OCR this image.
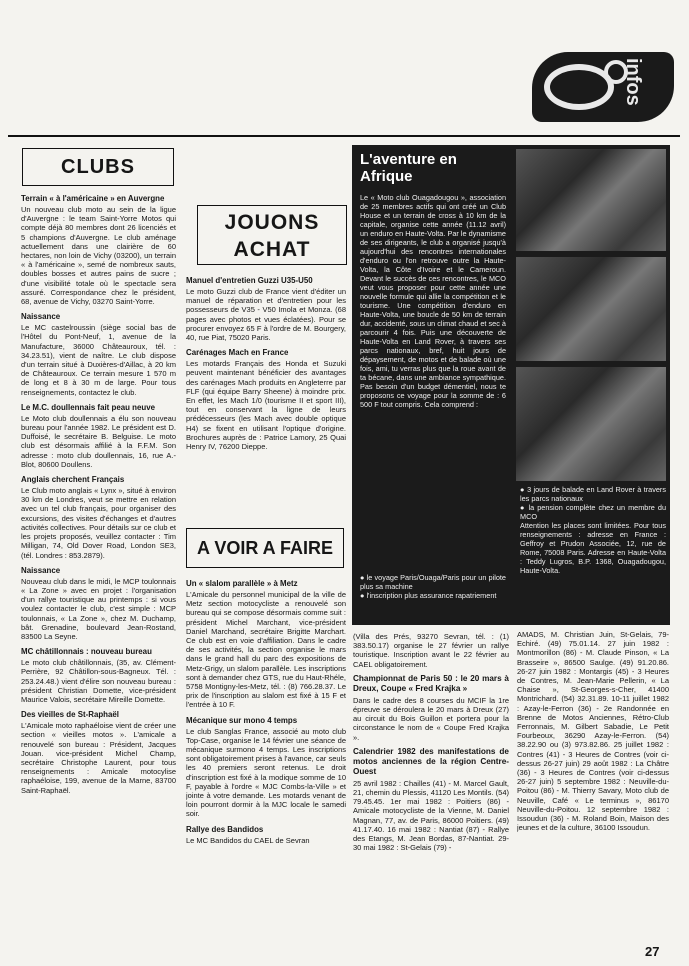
infos
CLUBS
Terrain « à l'américaine » en Auvergne

Un nouveau club moto au sein de la ligue d'Auvergne : le team Saint-Yorre Motos qui compte déjà 80 membres dont 26 licenciés et 5 champions d'Auvergne. Le club aménage actuellement dans une clairière de 60 hectares, non loin de Vichy (03200), un terrain « à l'américaine », semé de nombreux sauts, doubles bosses et autres pains de sucre ; d'une visibilité totale où le spectacle sera assuré. Correspondance chez le président, 68, avenue de Vichy, 03270 Saint-Yorre.

Naissance

Le MC castelroussin (siège social bas de l'Hôtel du Pont-Neuf, 1, avenue de la Manufacture, 36000 Châteauroux, tél. : 34.23.51), vient de naître. Le club dispose d'un terrain situé à Duxières-d'Aillac, à 20 km de Châteauroux. Ce terrain mesure 1 570 m de long et 8 à 30 m de large. Pour tous renseignements, contactez le club.

Le M.C. doullennais fait peau neuve

Le Moto club doullennais a élu son nouveau bureau pour l'année 1982. Le président est D. Duffoisé, le secrétaire B. Belguise. Le moto club est désormais affilié à la F.F.M. Son adresse : moto club doullennais, 16, rue A.-Blot, 80600 Doullens.

Anglais cherchent Français

Le Club moto anglais « Lynx », situé à environ 30 km de Londres, veut se mettre en relation avec un tel club français, pour organiser des excursions, des visites d'échanges et d'autres activités collectives. Pour détails sur ce club et les projets proposés, veuillez contacter : Tim Milligan, 74, Old Dover Road, London SE3, (tél. Londres : 853.2879).

Naissance

Nouveau club dans le midi, le MCP toulonnais « La Zone » avec en projet : l'organisation d'un rallye touristique au printemps : si vous voulez contacter le club, c'est simple : MCP toulonnais, « La Zone », chez M. Duchamp, bât. Grenadine, boulevard Jean-Rostand, 83500 La Seyne.

MC châtillonnais : nouveau bureau

Le moto club châtillonnais, (35, av. Clément-Perrière, 92 Châtillon-sous-Bagneux. Tél. : 253.24.48.) vient d'élire son nouveau bureau : président Christian Domette, vice-président Maurice Valois, secrétaire Mireille Domette.

Des vieilles de St-Raphaël

L'Amicale moto raphaéloise vient de créer une section « vieilles motos ». L'amicale a renouvelé son bureau : Président, Jacques Jouan. vice-président Michel Champ, secrétaire Christophe Laurent, pour tous renseignements : Amicale motocylise raphaéloise, 199, avenue de la Marne, 83700 Saint-Raphaël.

JOUONS
ACHAT
Manuel d'entretien Guzzi U35-U50

Le moto Guzzi club de France vient d'éditer un manuel de réparation et d'entretien pour les possesseurs de V35 - V50 Imola et Monza. (68 pages avec photos et vues éclatées). Pour se procurer envoyez 65 F à l'ordre de M. Bourgery, 40, rue Piat, 75020 Paris.

Carénages Mach en France

Les motards Français des Honda et Suzuki peuvent maintenant bénéficier des avantages des carénages Mach produits en Angleterre par FLF (qui équipe Barry Sheene) à moindre prix. En effet, les Mach 1/0 (tourisme II et sport III), tout en conservant la ligne de leurs prédécesseurs (les Mach avec double optique H4) se fixent en utilisant l'optique d'origine. Brochures auprès de : Patrice Lamory, 25 Quai Henry IV, 76200 Dieppe.

A VOIR A FAIRE
Un « slalom parallèle » à Metz

L'Amicale du personnel municipal de la ville de Metz section motocycliste a renouvelé son bureau qui se compose désormais comme suit : président Michel Marchant, vice-président Daniel Marchand, secrétaire Brigitte Marchart. Ce club est en voie d'affiliation. Dans le cadre de ses activités, la section organise le mars dans le grand hall du parc des expositions de Metz-Grigy, un slalom parallèle. Les inscriptions sont à demander chez GTS, rue du Haut-Rhéle, 5758 Montigny-les-Metz, tél. : (8) 766.28.37. Le prix de l'inscription au slalom est fixé à 15 F et l'entrée à 10 F.

Mécanique sur mono 4 temps

Le club Sanglas France, associé au moto club Top-Case, organise le 14 février une séance de mécanique surmono 4 temps. Les inscriptions sont obligatoirement prises à l'avance, car seuls les 40 premiers seront retenus. Le droit d'inscription est fixé à la modique somme de 10 F, payable à l'ordre « MJC Combs-la-Ville » et jointe à votre demande. Les motards venant de loin pourront dormir à la MJC locale le samedi soir.

Rallye des Bandidos

Le MC Bandidos du CAEL de Sevran

L'aventure en
Afrique
Le « Moto club Ouagadougou », association de 25 membres actifs qui ont créé un Club House et un terrain de cross à 10 km de la capitale, organise cette année (11.12 avril) un enduro en Haute-Volta. Par le dynamisme de ses dirigeants, le club a organisé jusqu'à aujourd'hui des rencontres internationales d'enduro ou l'on retrouve outre la Haute-Volta, la Côte d'Ivoire et le Cameroun. Devant le succès de ces rencontres, le MCO veut vous proposer pour cette année une nouvelle formule qui allie la compétition et le tourisme. Une compétition d'enduro en Haute-Volta, une boucle de 50 km de terrain dur, accidenté, sous un climat chaud et sec à parcourir 4 fois. Puis une découverte de Haute-Volta en Land Rover, à travers ses parcs nationaux, bref, huit jours de dépaysement, de motos et de balade où une fois, ami, tu verras plus que la roue avant de ta bécane, dans une ambiance sympathique. Pas besoin d'un budget démentiel, nous te proposons ce voyage pour la somme de : 6 500 F tout compris. Cela comprend :
● le voyage Paris/Ouaga/Paris pour un pilote plus sa machine
● l'inscription plus assurance rapatriement
● 3 jours de balade en Land Rover à travers les parcs nationaux
● la pension complète chez un membre du MCO
Attention les places sont limitées. Pour tous renseignements : adresse en France : Geffroy et Prudon Associée, 12, rue de Rome, 75008 Paris. Adresse en Haute-Volta : Teddy Lugros, B.P. 1368, Ouagadougou, Haute-Volta.

(Villa des Prés, 93270 Sevran, tél. : (1) 383.50.17) organise le 27 février un rallye touristique. Inscription avant le 22 février au CAEL obligatoirement.

Championnat de Paris 50 : le 20 mars à Dreux, Coupe « Fred Krajka »

Dans le cadre des 8 courses du MCIF la 1re épreuve se déroulera le 20 mars à Dreux (27) au circuit du Bois Guillon et portera pour la circonstance le nom de « Coupe Fred Krajka ».

Calendrier 1982 des manifestations de motos anciennes de la région Centre-Ouest

25 avril 1982 : Chailles (41) - M. Marcel Gault, 21, chemin du Plessis, 41120 Les Montils. (54) 79.45.45. 1er mai 1982 : Poitiers (86) - Amicale motocycliste de la Vienne, M. Daniel Magnan, 77, av. de Paris, 86000 Poitiers. (49) 41.17.40. 16 mai 1982 : Nantiat (87) - Rallye des Etangs, M. Jean Bordas, 87-Nantiat. 29-30 mai 1982 : St-Gelais (79) -

AMADS, M. Christian Juin, St-Gelais, 79-Echiré. (49) 75.01.14. 27 juin 1982 : Montmorillon (86) - M. Claude Pinson, « La Brasseire », 86500 Saulge. (49) 91.20.86. 26-27 juin 1982 : Montargis (45) - 3 Heures de Contres, M. Jean-Marie Pellerin, « La Chaise », St-Georges-s-Cher, 41400 Montrichard. (54) 32.31.89. 10-11 juillet 1982 : Azay-le-Ferron (36) - 2e Randonnée en Brenne de Motos Anciennes, Rétro-Club Ferronnais, M. Gilbert Sabadie, Le Petit Fourbeoux, 36290 Azay-le-Ferron. (54) 38.22.90 ou (3) 973.82.86. 25 juillet 1982 : Contres (41) - 3 Heures de Contres (voir ci-dessus 26-27 juin) 29 août 1982 : La Châtre (36) - 3 Heures de Contres (voir ci-dessus 26-27 juin) 5 septembre 1982 : Neuville-du-Poitou (86) - M. Thierry Savary, Moto club de Neuville, Café « Le terminus », 86170 Neuville-du-Poitou. 12 septembre 1982 : Issoudun (36) - M. Roland Boin, Maison des jeunes et de la culture, 36100 Issoudun.

27
